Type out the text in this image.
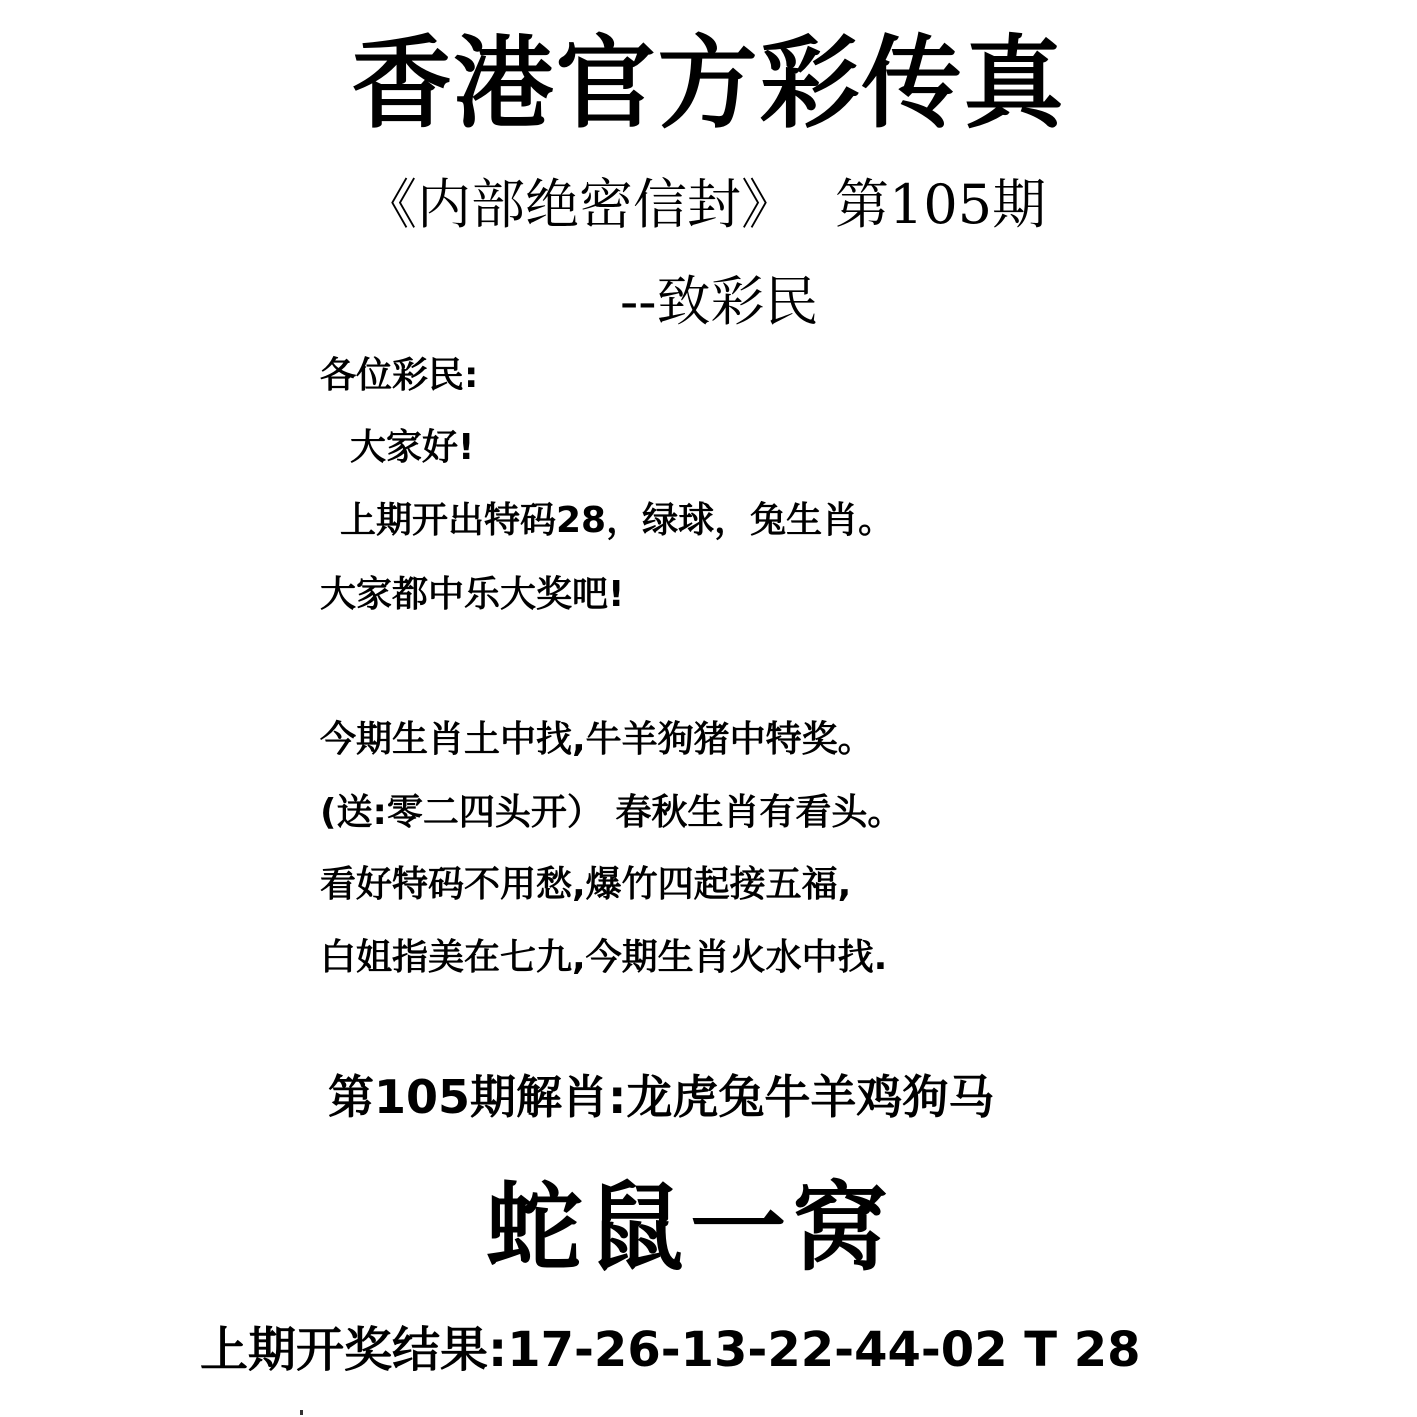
香港官方彩传真
《内部绝密信封》 第105期
--致彩民
各位彩民:
大家好!
上期开出特码28，绿球，兔生肖。
大家都中乐大奖吧!
今期生肖土中找,牛羊狗猪中特奖。
(送:零二四头开） 春秋生肖有看头。
看好特码不用愁,爆竹四起接五福,
白姐指美在七九,今期生肖火水中找.
第105期解肖:龙虎兔牛羊鸡狗马
蛇鼠一窝
上期开奖结果:17-26-13-22-44-02 T 28
